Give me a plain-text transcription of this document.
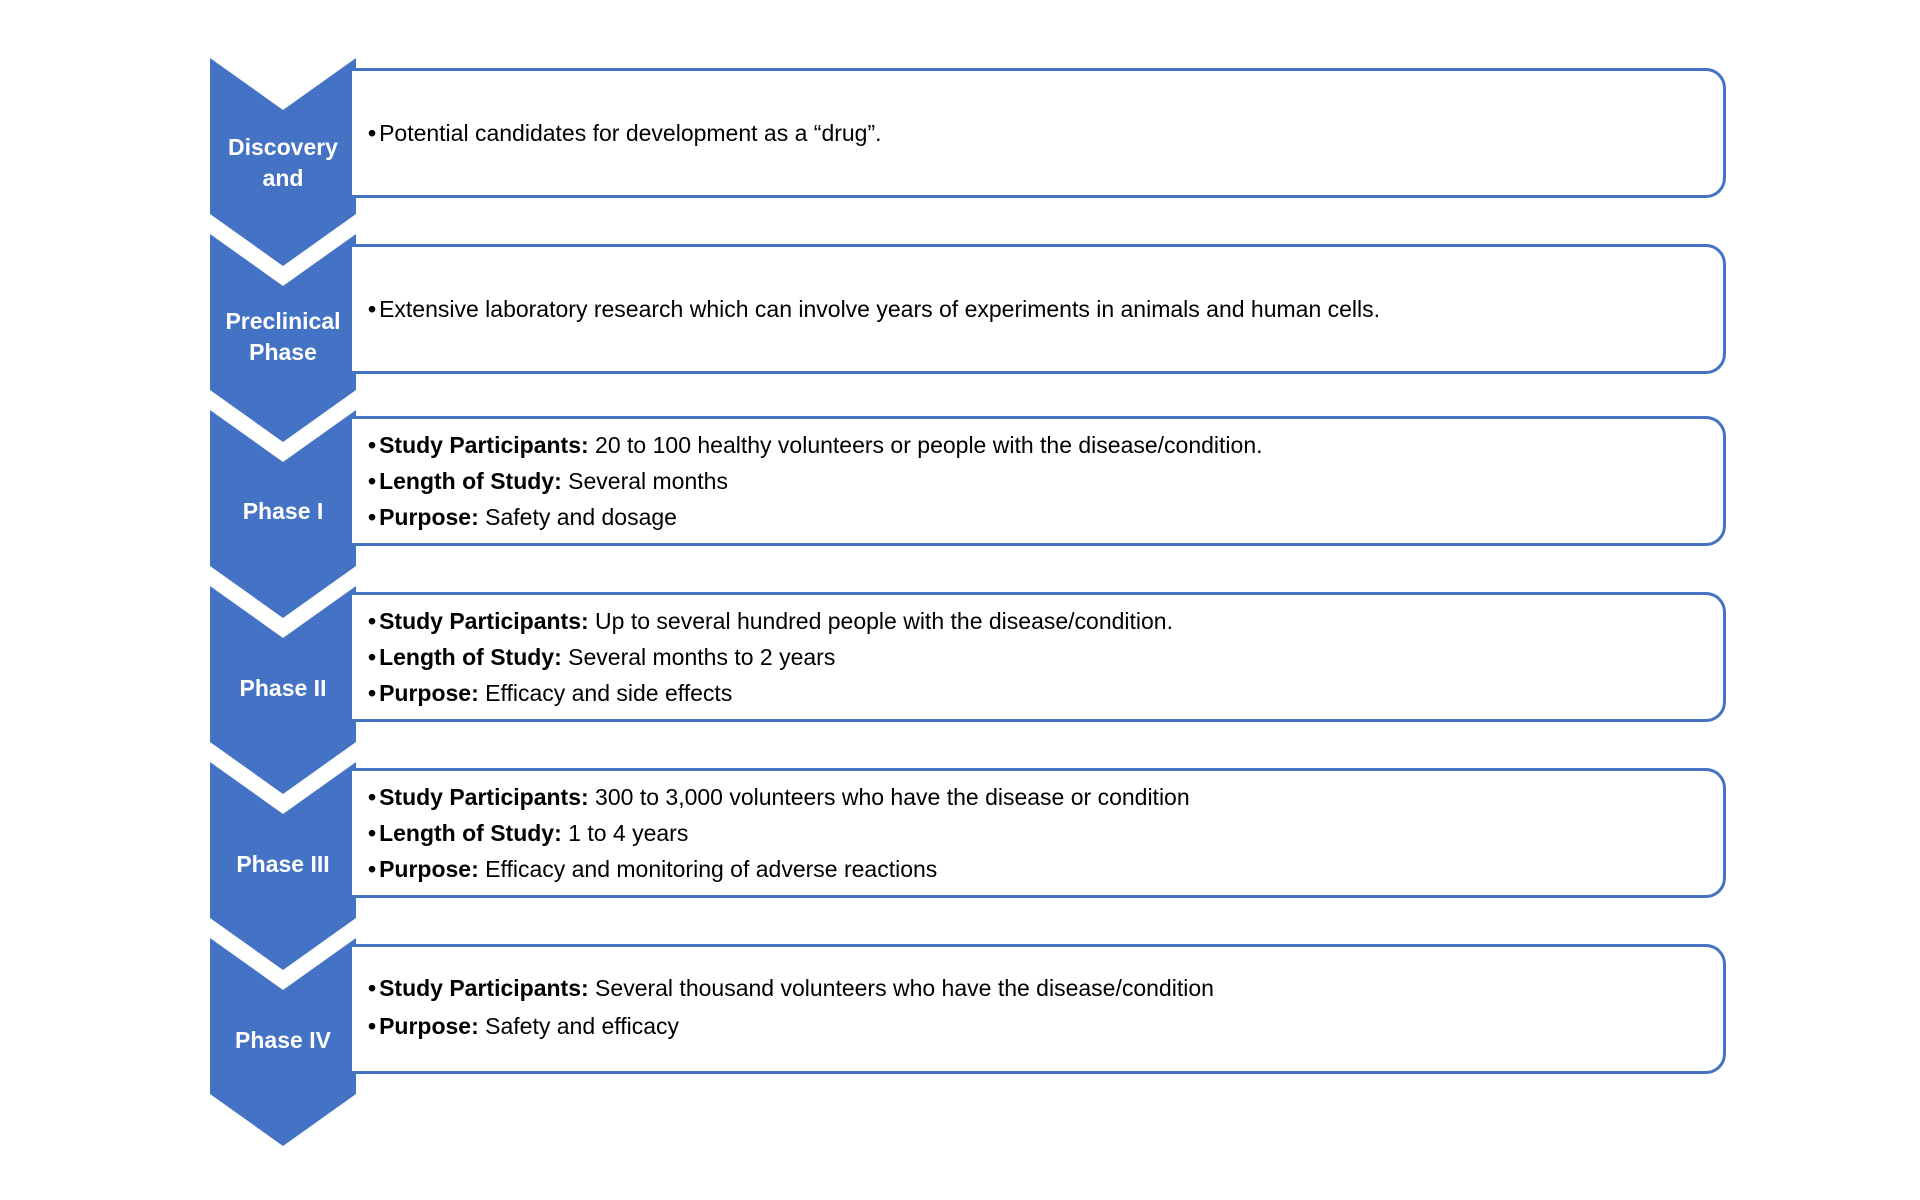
Discovery
and
• Potential candidates for development as a “drug”.
Preclinical
Phase
• Extensive laboratory research which can involve years of experiments in animals and human cells.
Phase I
• Study Participants: 20 to 100 healthy volunteers or people with the disease/condition.
• Length of Study: Several months
• Purpose: Safety and dosage
Phase II
• Study Participants: Up to several hundred people with the disease/condition.
• Length of Study: Several months to 2 years
• Purpose: Efficacy and side effects
Phase III
• Study Participants: 300 to 3,000 volunteers who have the disease or condition
• Length of Study: 1 to 4 years
• Purpose: Efficacy and monitoring of adverse reactions
Phase IV
• Study Participants: Several thousand volunteers who have the disease/condition
• Purpose: Safety and efficacy
